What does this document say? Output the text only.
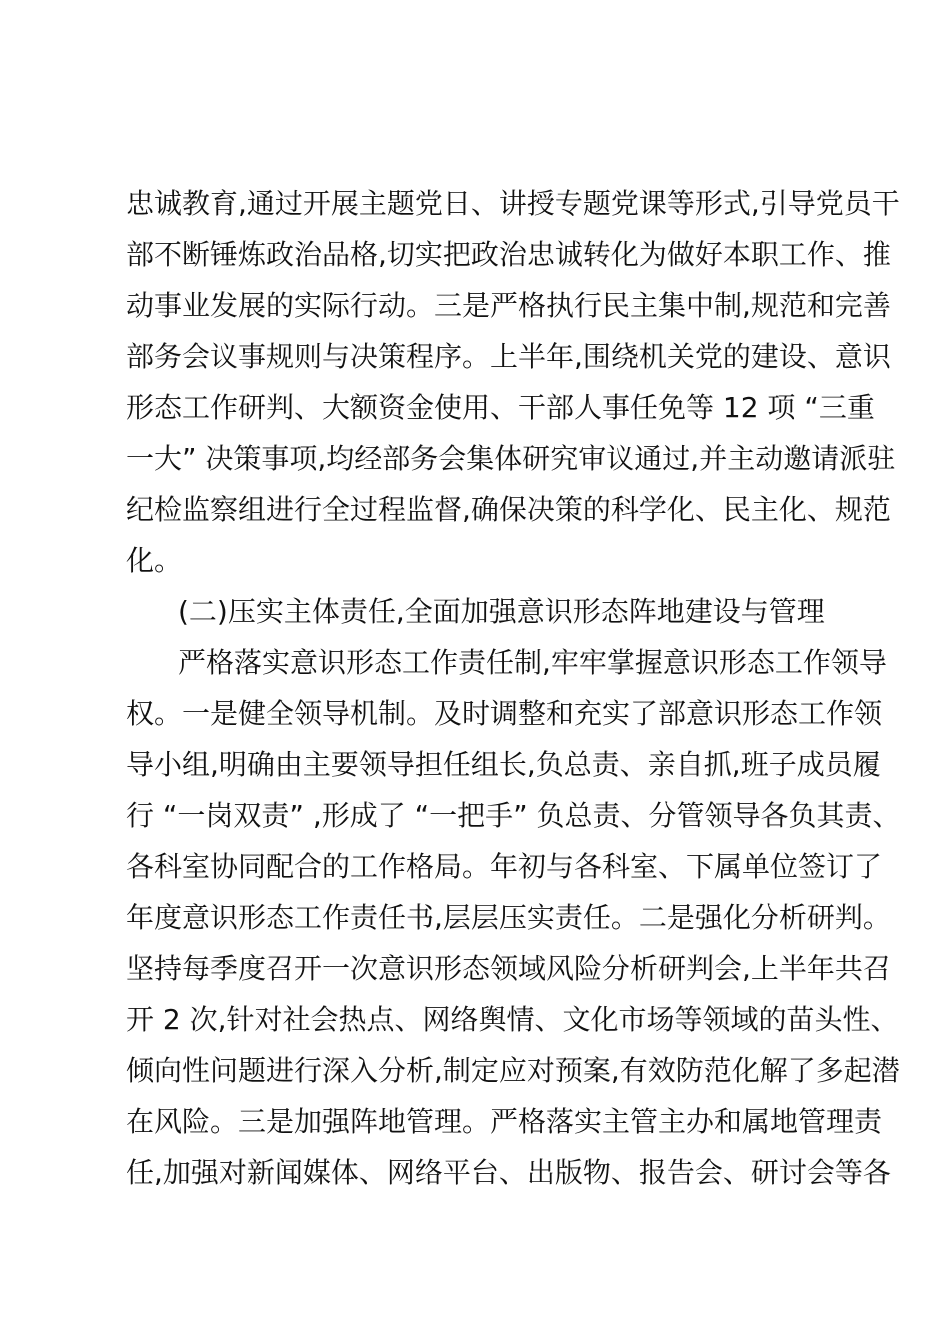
忠诚教育,通过开展主题党日、讲授专题党课等形式,引导党员干

部不断锤炼政治品格,切实把政治忠诚转化为做好本职工作、推

动事业发展的实际行动。三是严格执行民主集中制,规范和完善

部务会议事规则与决策程序。上半年,围绕机关党的建设、意识

形态工作研判、大额资金使用、干部人事任免等 12 项 “三重

一大” 决策事项,均经部务会集体研究审议通过,并主动邀请派驻

纪检监察组进行全过程监督,确保决策的科学化、民主化、规范

化。

(二)压实主体责任,全面加强意识形态阵地建设与管理

严格落实意识形态工作责任制,牢牢掌握意识形态工作领导

权。一是健全领导机制。及时调整和充实了部意识形态工作领

导小组,明确由主要领导担任组长,负总责、亲自抓,班子成员履

行 “一岗双责” ,形成了 “一把手” 负总责、分管领导各负其责、

各科室协同配合的工作格局。年初与各科室、下属单位签订了

年度意识形态工作责任书,层层压实责任。二是强化分析研判。

坚持每季度召开一次意识形态领域风险分析研判会,上半年共召

开 2 次,针对社会热点、网络舆情、文化市场等领域的苗头性、

倾向性问题进行深入分析,制定应对预案,有效防范化解了多起潜

在风险。三是加强阵地管理。严格落实主管主办和属地管理责

任,加强对新闻媒体、网络平台、出版物、报告会、研讨会等各
